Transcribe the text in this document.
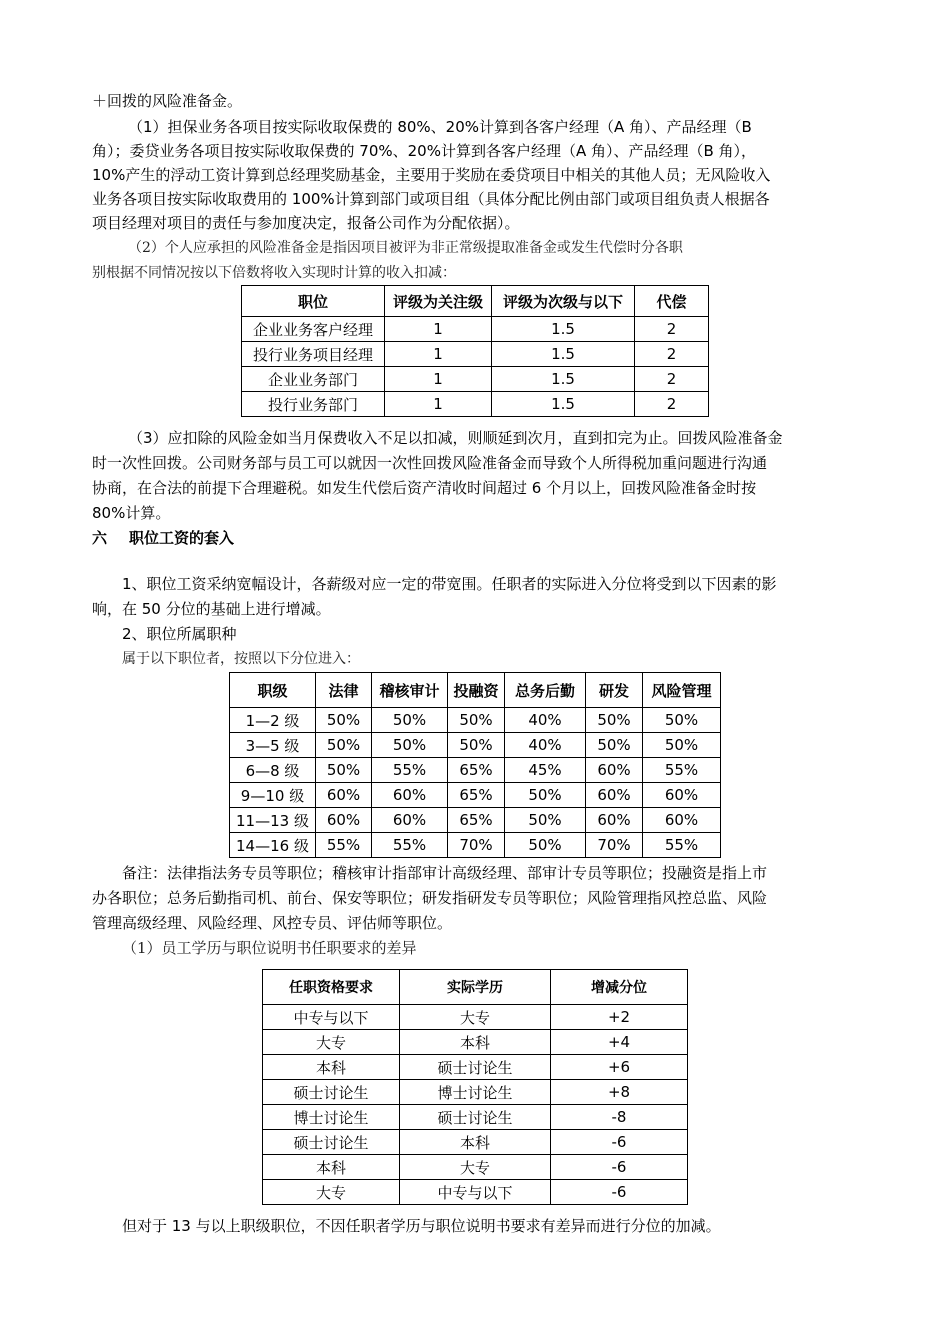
＋回拨的风险准备金。
（1）担保业务各项目按实际收取保费的 80%、20%计算到各客户经理（A 角）、产品经理（B
角）；委贷业务各项目按实际收取保费的 70%、20%计算到各客户经理（A 角）、产品经理（B 角），
10%产生的浮动工资计算到总经理奖励基金，主要用于奖励在委贷项目中相关的其他人员；无风险收入
业务各项目按实际收取费用的 100%计算到部门或项目组（具体分配比例由部门或项目组负责人根据各
项目经理对项目的责任与参加度决定，报备公司作为分配依据）。
（2）个人应承担的风险准备金是指因项目被评为非正常级提取准备金或发生代偿时分各职
别根据不同情况按以下倍数将收入实现时计算的收入扣减：
职位	评级为关注级	评级为次级与以下	代偿
企业业务客户经理	1	1.5	2
投行业务项目经理	1	1.5	2
企业业务部门	1	1.5	2
投行业务部门	1	1.5	2
（3）应扣除的风险金如当月保费收入不足以扣减，则顺延到次月，直到扣完为止。回拨风险准备金
时一次性回拨。公司财务部与员工可以就因一次性回拨风险准备金而导致个人所得税加重问题进行沟通
协商，在合法的前提下合理避税。如发生代偿后资产清收时间超过 6 个月以上，回拨风险准备金时按
80%计算。
六 职位工资的套入
1、职位工资采纳宽幅设计，各薪级对应一定的带宽围。任职者的实际进入分位将受到以下因素的影
响，在 50 分位的基础上进行增减。
2、职位所属职种
属于以下职位者，按照以下分位进入：
职级	法律	稽核审计	投融资	总务后勤	研发	风险管理
1—2 级	50%	50%	50%	40%	50%	50%
3—5 级	50%	50%	50%	40%	50%	50%
6—8 级	50%	55%	65%	45%	60%	55%
9—10 级	60%	60%	65%	50%	60%	60%
11—13 级	60%	60%	65%	50%	60%	60%
14—16 级	55%	55%	70%	50%	70%	55%
备注：法律指法务专员等职位；稽核审计指部审计高级经理、部审计专员等职位；投融资是指上市
办各职位；总务后勤指司机、前台、保安等职位；研发指研发专员等职位；风险管理指风控总监、风险
管理高级经理、风险经理、风控专员、评估师等职位。
（1）员工学历与职位说明书任职要求的差异
任职资格要求	实际学历	增减分位
中专与以下	大专	+2
大专	本科	+4
本科	硕士讨论生	+6
硕士讨论生	博士讨论生	+8
博士讨论生	硕士讨论生	-8
硕士讨论生	本科	-6
本科	大专	-6
大专	中专与以下	-6
但对于 13 与以上职级职位，不因任职者学历与职位说明书要求有差异而进行分位的加减。
